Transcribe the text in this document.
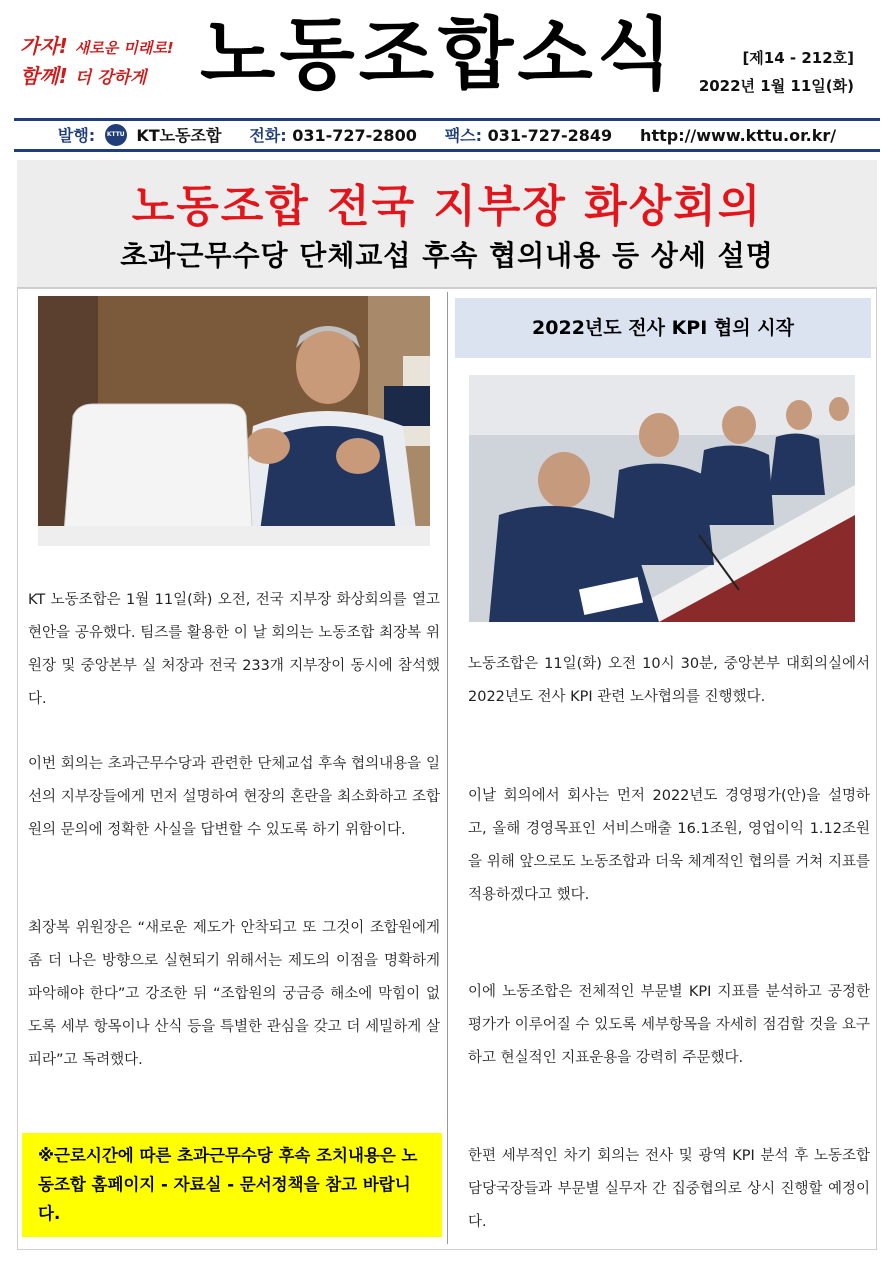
가자! 새로운 미래로!
함께! 더 강하게 노동조합소식	[제14 - 212호]
2022년 1월 11일(화)
발행: KTTU KT노동조합 전화: 031-727-2800 팩스: 031-727-2849 http://www.kttu.or.kr/
노동조합 전국 지부장 화상회의
초과근무수당 단체교섭 후속 협의내용 등 상세 설명

KT 노동조합은 1월 11일(화) 오전, 전국 지부장 화상회의를 열고 현안을 공유했다. 팀즈를 활용한 이 날 회의는 노동조합 최장복 위원장 및 중앙본부 실 처장과 전국 233개 지부장이 동시에 참석했다.

이번 회의는 초과근무수당과 관련한 단체교섭 후속 협의내용을 일선의 지부장들에게 먼저 설명하여 현장의 혼란을 최소화하고 조합원의 문의에 정확한 사실을 답변할 수 있도록 하기 위함이다.

최장복 위원장은 “새로운 제도가 안착되고 또 그것이 조합원에게 좀 더 나은 방향으로 실현되기 위해서는 제도의 이점을 명확하게 파악해야 한다”고 강조한 뒤 “조합원의 궁금증 해소에 막힘이 없도록 세부 항목이나 산식 등을 특별한 관심을 갖고 더 세밀하게 살피라”고 독려했다.

※근로시간에 따른 초과근무수당 후속 조치내용은 노동조합 홈페이지 - 자료실 - 문서정책을 참고 바랍니다.
2022년도 전사 KPI 협의 시작

노동조합은 11일(화) 오전 10시 30분, 중앙본부 대회의실에서 2022년도 전사 KPI 관련 노사협의를 진행했다.

이날 회의에서 회사는 먼저 2022년도 경영평가(안)을 설명하고, 올해 경영목표인 서비스매출 16.1조원, 영업이익 1.12조원을 위해 앞으로도 노동조합과 더욱 체계적인 협의를 거쳐 지표를 적용하겠다고 했다.

이에 노동조합은 전체적인 부문별 KPI 지표를 분석하고 공정한 평가가 이루어질 수 있도록 세부항목을 자세히 점검할 것을 요구하고 현실적인 지표운용을 강력히 주문했다.

한편 세부적인 차기 회의는 전사 및 광역 KPI 분석 후 노동조합 담당국장들과 부문별 실무자 간 집중협의로 상시 진행할 예정이다.
